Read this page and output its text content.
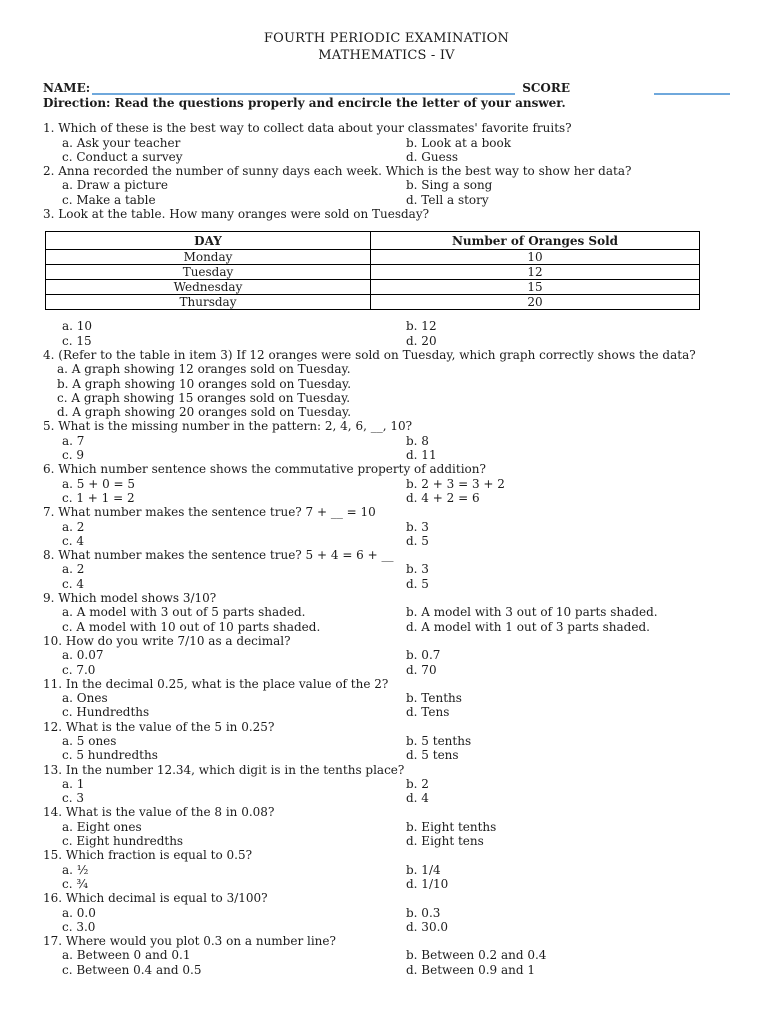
FOURTH PERIODIC EXAMINATION
MATHEMATICS - IV
NAME:	SCORE
Direction: Read the questions properly and encircle the letter of your answer.
1. Which of these is the best way to collect data about your classmates' favorite fruits?
a. Ask your teacher	b. Look at a book
c. Conduct a survey	d. Guess
2. Anna recorded the number of sunny days each week. Which is the best way to show her data?
a. Draw a picture	b. Sing a song
c. Make a table	d. Tell a story
3. Look at the table. How many oranges were sold on Tuesday?
DAY	Number of Oranges Sold
Monday	10
Tuesday	12
Wednesday	15
Thursday	20
a. 10	b. 12
c. 15	d. 20
4. (Refer to the table in item 3) If 12 oranges were sold on Tuesday, which graph correctly shows the data?
a. A graph showing 12 oranges sold on Tuesday.
b. A graph showing 10 oranges sold on Tuesday.
c. A graph showing 15 oranges sold on Tuesday.
d. A graph showing 20 oranges sold on Tuesday.
5. What is the missing number in the pattern: 2, 4, 6, __, 10?
a. 7	b. 8
c. 9	d. 11
6. Which number sentence shows the commutative property of addition?
a. 5 + 0 = 5	b. 2 + 3 = 3 + 2
c. 1 + 1 = 2	d. 4 + 2 = 6
7. What number makes the sentence true? 7 + __ = 10
a. 2	b. 3
c. 4	d. 5
8. What number makes the sentence true? 5 + 4 = 6 + __
a. 2	b. 3
c. 4	d. 5
9. Which model shows 3/10?
a. A model with 3 out of 5 parts shaded.	b. A model with 3 out of 10 parts shaded.
c. A model with 10 out of 10 parts shaded.	d. A model with 1 out of 3 parts shaded.
10. How do you write 7/10 as a decimal?
a. 0.07	b. 0.7
c. 7.0	d. 70
11. In the decimal 0.25, what is the place value of the 2?
a. Ones	b. Tenths
c. Hundredths	d. Tens
12. What is the value of the 5 in 0.25?
a. 5 ones	b. 5 tenths
c. 5 hundredths	d. 5 tens
13. In the number 12.34, which digit is in the tenths place?
a. 1	b. 2
c. 3	d. 4
14. What is the value of the 8 in 0.08?
a. Eight ones	b. Eight tenths
c. Eight hundredths	d. Eight tens
15. Which fraction is equal to 0.5?
a. ½	b. 1/4
c. ¾	d. 1/10
16. Which decimal is equal to 3/100?
a. 0.0	b. 0.3
c. 3.0	d. 30.0
17. Where would you plot 0.3 on a number line?
a. Between 0 and 0.1	b. Between 0.2 and 0.4
c. Between 0.4 and 0.5	d. Between 0.9 and 1
